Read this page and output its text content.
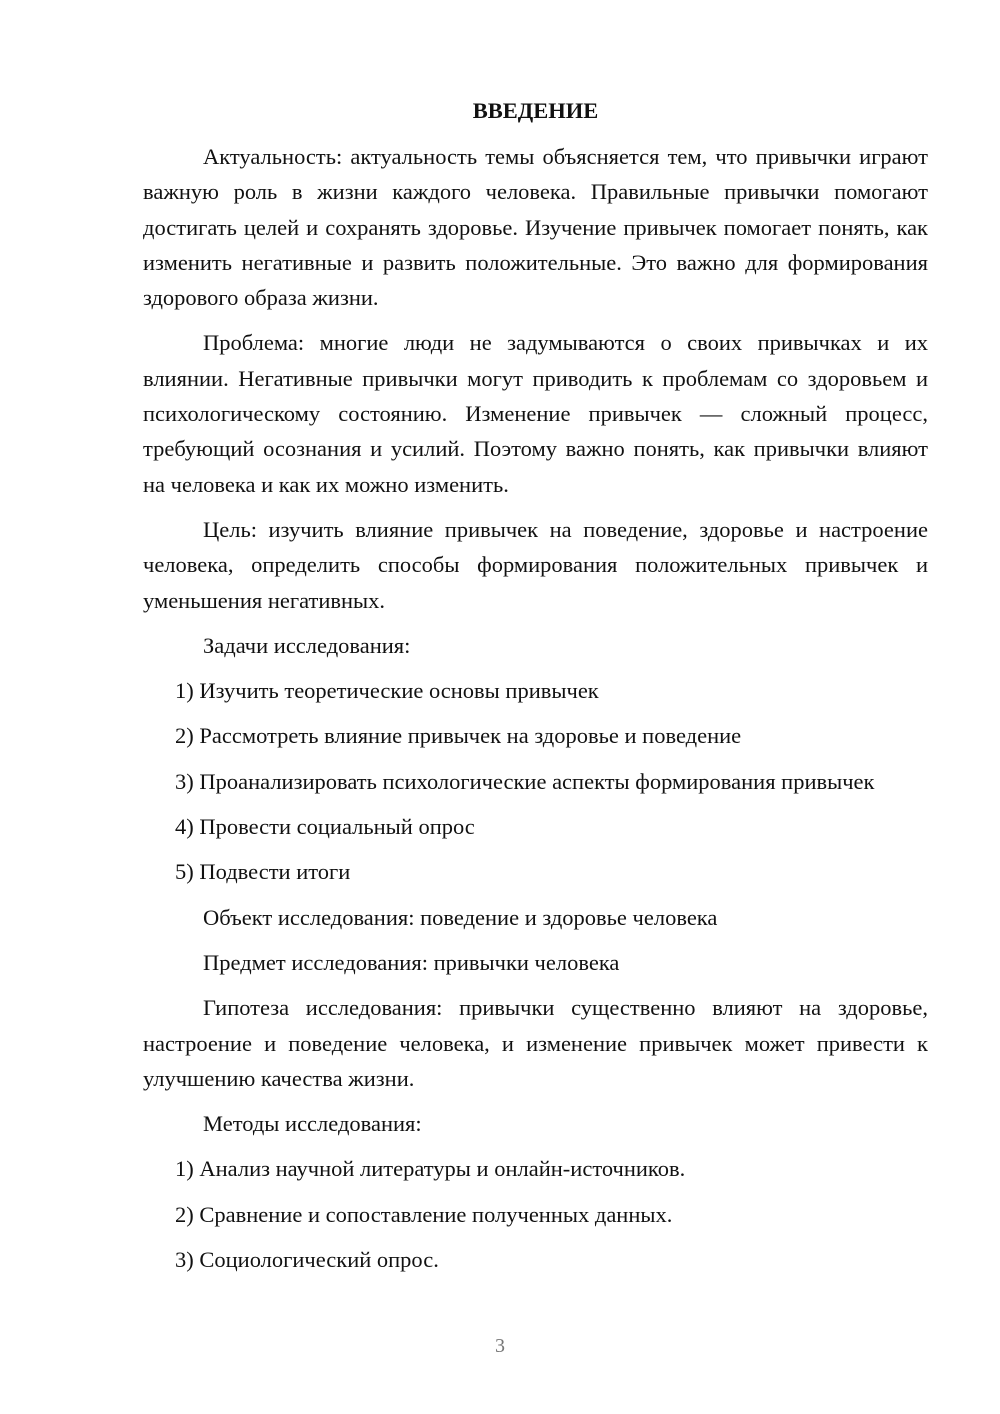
ВВЕДЕНИЕ

Актуальность: актуальность темы объясняется тем, что привычки играют важную роль в жизни каждого человека. Правильные привычки помогают достигать целей и сохранять здоровье. Изучение привычек помогает понять, как изменить негативные и развить положительные. Это важно для формирования здорового образа жизни.

Проблема: многие люди не задумываются о своих привычках и их влиянии. Негативные привычки могут приводить к проблемам со здоровьем и психологическому состоянию. Изменение привычек — сложный процесс, требующий осознания и усилий. Поэтому важно понять, как привычки влияют на человека и как их можно изменить.

Цель: изучить влияние привычек на поведение, здоровье и настроение человека, определить способы формирования положительных привычек и уменьшения негативных.

Задачи исследования:

1) Изучить теоретические основы привычек

2) Рассмотреть влияние привычек на здоровье и поведение

3) Проанализировать психологические аспекты формирования привычек

4) Провести социальный опрос

5) Подвести итоги

Объект исследования: поведение и здоровье человека

Предмет исследования: привычки человека

Гипотеза исследования: привычки существенно влияют на здоровье, настроение и поведение человека, и изменение привычек может привести к улучшению качества жизни.

Методы исследования:

1) Анализ научной литературы и онлайн-источников.

2) Сравнение и сопоставление полученных данных.

3) Социологический опрос.

3
